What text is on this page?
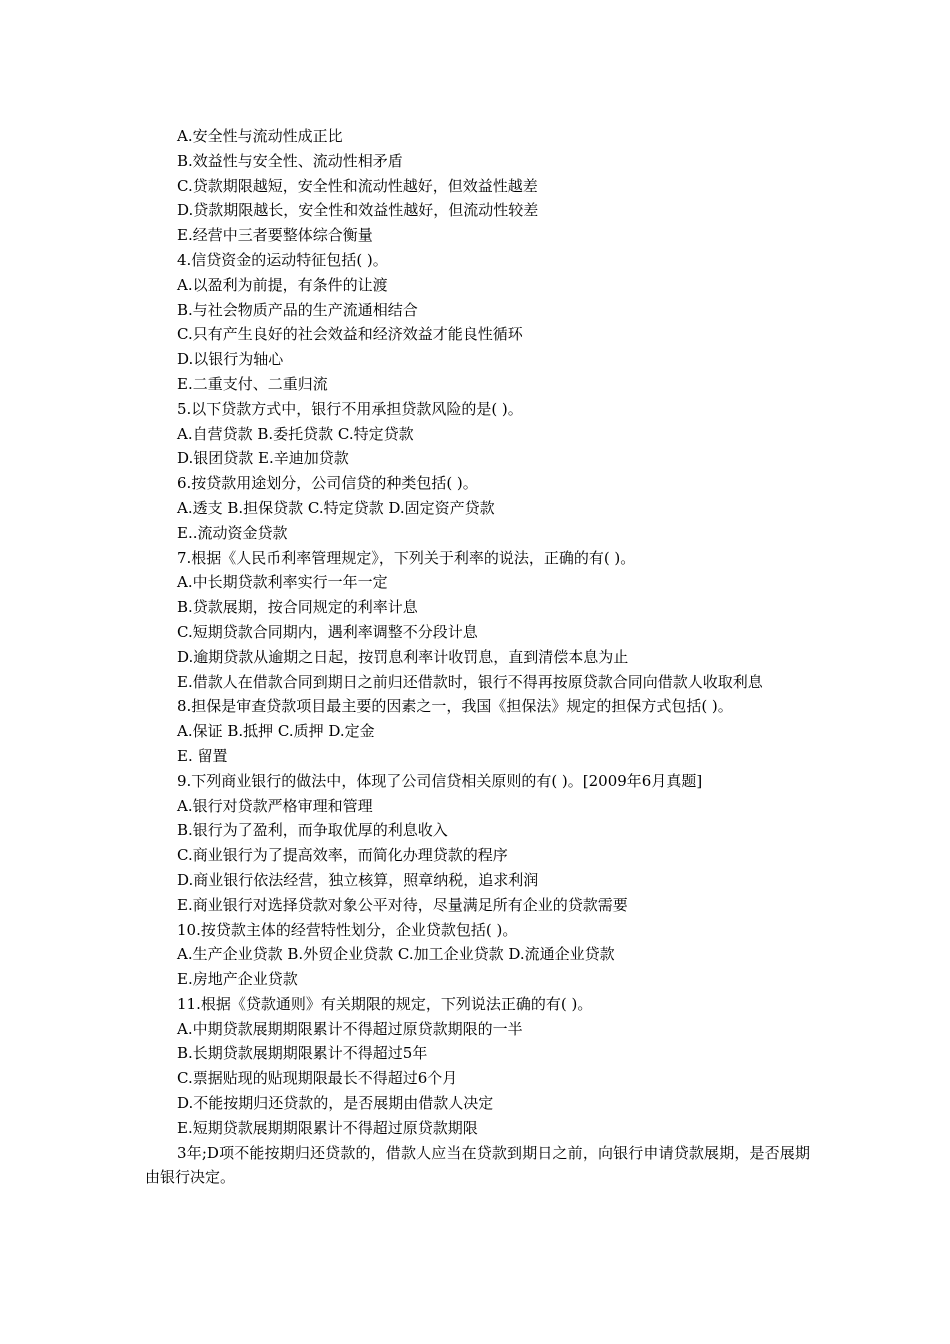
A.安全性与流动性成正比
B.效益性与安全性、流动性相矛盾
C.贷款期限越短，安全性和流动性越好，但效益性越差
D.贷款期限越长，安全性和效益性越好，但流动性较差
E.经营中三者要整体综合衡量
4.信贷资金的运动特征包括( )。
A.以盈利为前提，有条件的让渡
B.与社会物质产品的生产流通相结合
C.只有产生良好的社会效益和经济效益才能良性循环
D.以银行为轴心
E.二重支付、二重归流
5.以下贷款方式中，银行不用承担贷款风险的是( )。
A.自营贷款 B.委托贷款 C.特定贷款
D.银团贷款 E.辛迪加贷款
6.按贷款用途划分，公司信贷的种类包括( )。
A.透支 B.担保贷款 C.特定贷款 D.固定资产贷款
E..流动资金贷款
7.根据《人民币利率管理规定》，下列关于利率的说法，正确的有( )。
A.中长期贷款利率实行一年一定
B.贷款展期，按合同规定的利率计息
C.短期贷款合同期内，遇利率调整不分段计息
D.逾期贷款从逾期之日起，按罚息利率计收罚息，直到清偿本息为止
E.借款人在借款合同到期日之前归还借款时，银行不得再按原贷款合同向借款人收取利息
8.担保是审查贷款项目最主要的因素之一，我国《担保法》规定的担保方式包括( )。
A.保证 B.抵押 C.质押 D.定金
E. 留置
9.下列商业银行的做法中，体现了公司信贷相关原则的有( )。[2009年6月真题]
A.银行对贷款严格审理和管理
B.银行为了盈利，而争取优厚的利息收入
C.商业银行为了提高效率，而简化办理贷款的程序
D.商业银行依法经营，独立核算，照章纳税，追求利润
E.商业银行对选择贷款对象公平对待，尽量满足所有企业的贷款需要
10.按贷款主体的经营特性划分，企业贷款包括( )。
A.生产企业贷款 B.外贸企业贷款 C.加工企业贷款 D.流通企业贷款
E.房地产企业贷款
11.根据《贷款通则》有关期限的规定，下列说法正确的有( )。
A.中期贷款展期期限累计不得超过原贷款期限的一半
B.长期贷款展期期限累计不得超过5年
C.票据贴现的贴现期限最长不得超过6个月
D.不能按期归还贷款的，是否展期由借款人决定
E.短期贷款展期期限累计不得超过原贷款期限
3年;D项不能按期归还贷款的，借款人应当在贷款到期日之前，向银行申请贷款展期，是否展期由银行决定。
